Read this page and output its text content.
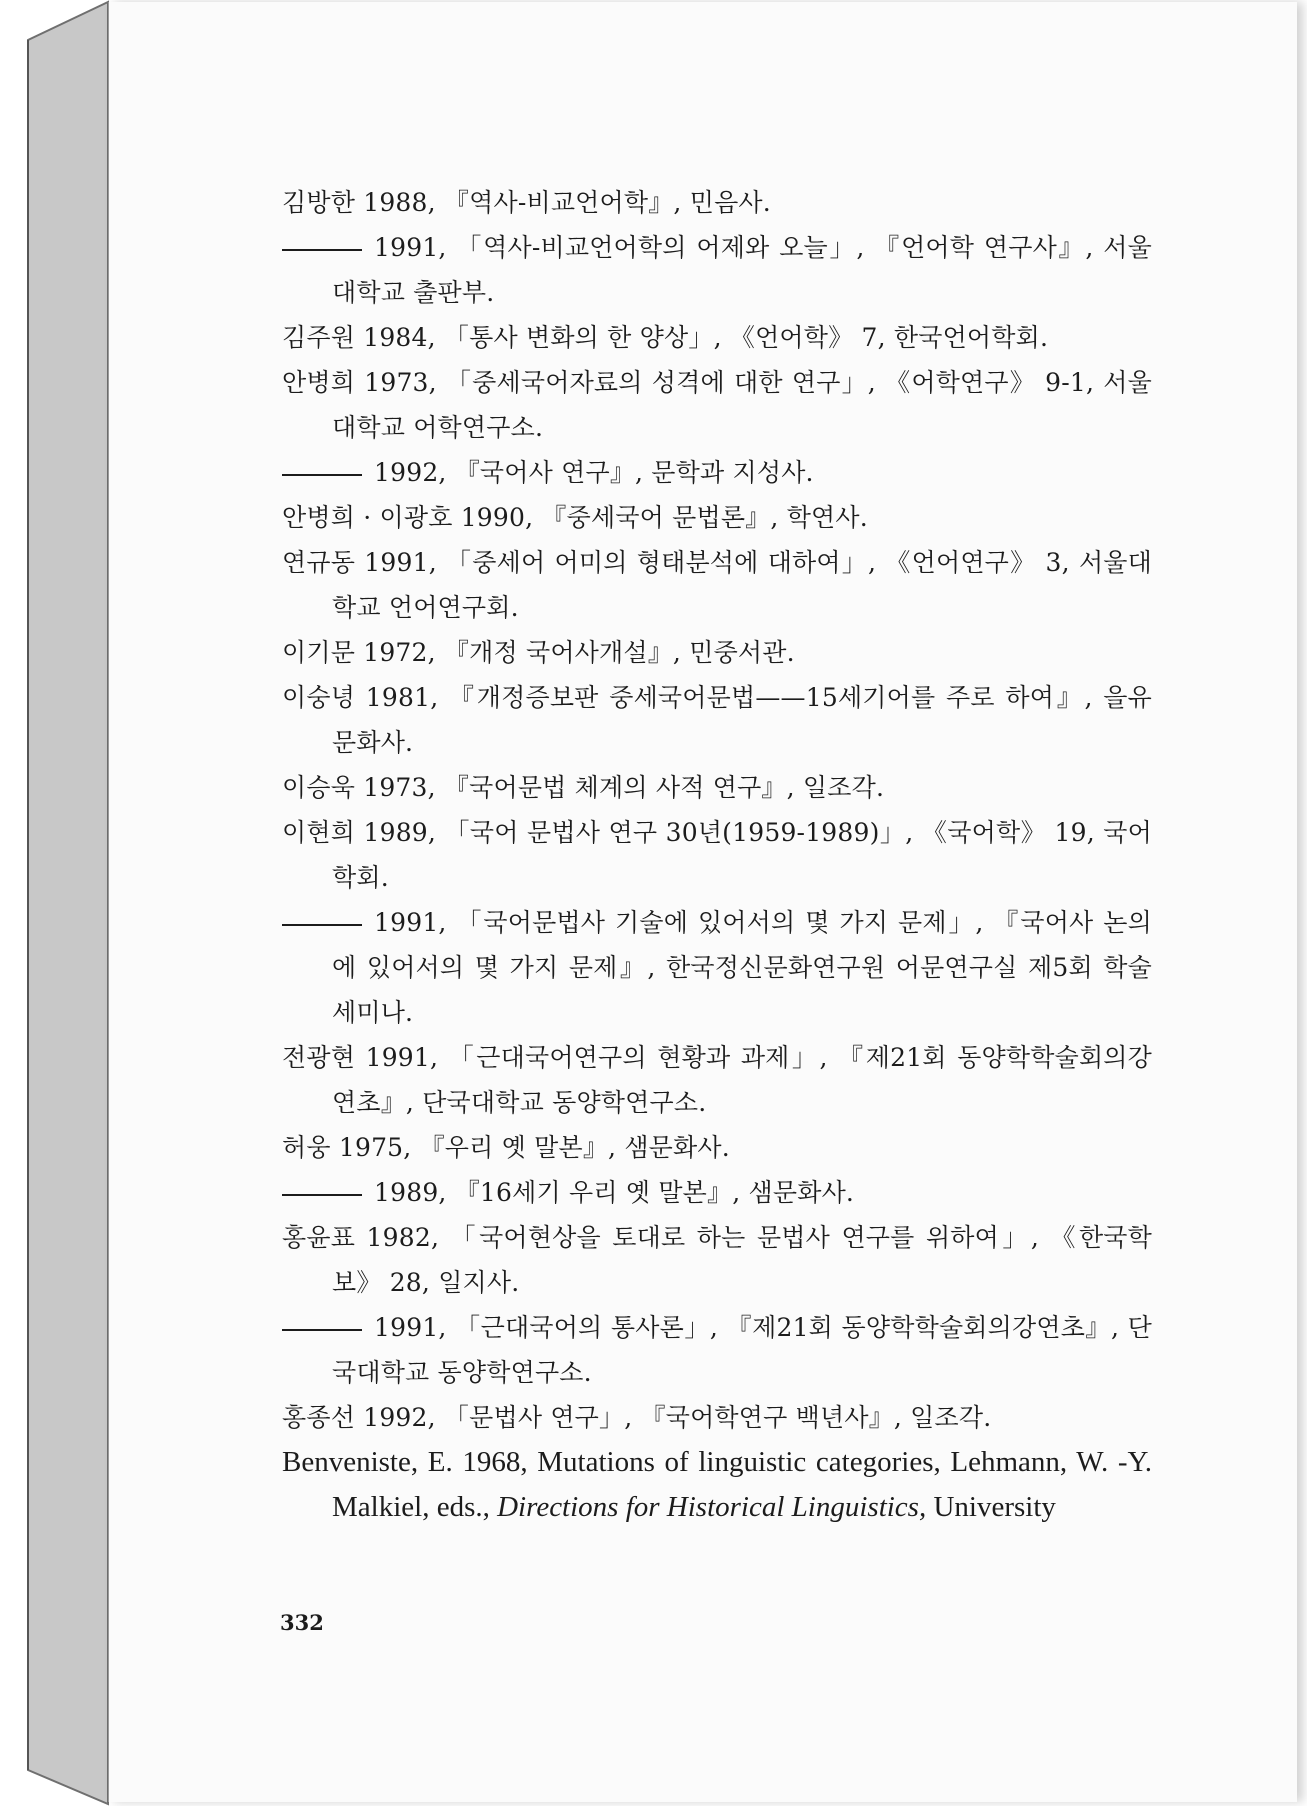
김방한 1988, 『역사-비교언어학』, 민음사.

1991, 「역사-비교언어학의 어제와 오늘」, 『언어학 연구사』, 서울대학교 출판부.

김주원 1984, 「통사 변화의 한 양상」, 《언어학》 7, 한국언어학회.

안병희 1973, 「중세국어자료의 성격에 대한 연구」, 《어학연구》 9-1, 서울대학교 어학연구소.

1992, 『국어사 연구』, 문학과 지성사.

안병희 · 이광호 1990, 『중세국어 문법론』, 학연사.

연규동 1991, 「중세어 어미의 형태분석에 대하여」, 《언어연구》 3, 서울대학교 언어연구회.

이기문 1972, 『개정 국어사개설』, 민중서관.

이숭녕 1981, 『개정증보판 중세국어문법——15세기어를 주로 하여』, 을유문화사.

이승욱 1973, 『국어문법 체계의 사적 연구』, 일조각.

이현희 1989, 「국어 문법사 연구 30년(1959-1989)」, 《국어학》 19, 국어학회.

1991, 「국어문법사 기술에 있어서의 몇 가지 문제」, 『국어사 논의에 있어서의 몇 가지 문제』, 한국정신문화연구원 어문연구실 제5회 학술세미나.

전광현 1991, 「근대국어연구의 현황과 과제」, 『제21회 동양학학술회의강연초』, 단국대학교 동양학연구소.

허웅 1975, 『우리 옛 말본』, 샘문화사.

1989, 『16세기 우리 옛 말본』, 샘문화사.

홍윤표 1982, 「국어현상을 토대로 하는 문법사 연구를 위하여」, 《한국학보》 28, 일지사.

1991, 「근대국어의 통사론」, 『제21회 동양학학술회의강연초』, 단국대학교 동양학연구소.

홍종선 1992, 「문법사 연구」, 『국어학연구 백년사』, 일조각.

Benveniste, E. 1968, Mutations of linguistic categories, Lehmann, W. -Y. Malkiel, eds., Directions for Historical Linguistics, University

332
